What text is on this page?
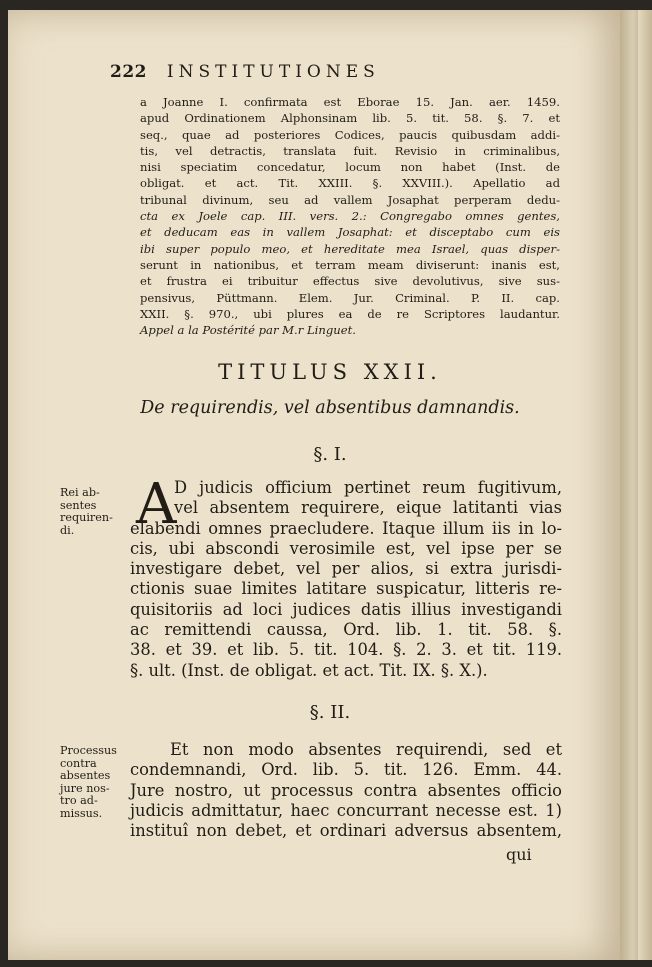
222 INSTITUTIONES
a Joanne I. confirmata est Eborae 15. Jan. aer. 1459.
apud Ordinationem Alphonsinam lib. 5. tit. 58. §. 7. et
seq., quae ad posteriores Codices, paucis quibusdam addi-
tis, vel detractis, translata fuit. Revisio in criminalibus,
nisi speciatim concedatur, locum non habet (Inst. de
obligat. et act. Tit. XXIII. §. XXVIII.). Apellatio ad
tribunal divinum, seu ad vallem Josaphat perperam dedu-
cta ex Joele cap. III. vers. 2.: Congregabo omnes gentes,
et deducam eas in vallem Josaphat: et disceptabo cum eis
ibi super populo meo, et hereditate mea Israel, quas disper-
serunt in nationibus, et terram meam diviserunt: inanis est,
et frustra ei tribuitur effectus sive devolutivus, sive sus-
pensivus, Püttmann. Elem. Jur. Criminal. P. II. cap.
XXII. §. 970., ubi plures ea de re Scriptores laudantur.
Appel a la Postérité par M.r Linguet.
TITULUS XXII.
De requirendis, vel absentibus damnandis.
§. I.
Rei ab-
sentes
requiren-
di.	A
D judicis officium pertinet reum fugitivum,
vel absentem requirere, eique latitanti vias
elabendi omnes praecludere. Itaque illum iis in lo-
cis, ubi abscondi verosimile est, vel ipse per se
investigare debet, vel per alios, si extra jurisdi-
ctionis suae limites latitare suspicatur, litteris re-
quisitoriis ad loci judices datis illius investigandi
ac remittendi caussa, Ord. lib. 1. tit. 58. §.
38. et 39. et lib. 5. tit. 104. §. 2. 3. et tit. 119.
§. ult. (Inst. de obligat. et act. Tit. IX. §. X.).
§. II.
Processus
contra
absentes
jure nos-
tro ad-
missus.
Et non modo absentes requirendi, sed et
condemnandi, Ord. lib. 5. tit. 126. Emm. 44.
Jure nostro, ut processus contra absentes officio
judicis admittatur, haec concurrant necesse est. 1)
instituî non debet, et ordinari adversus absentem,
qui
